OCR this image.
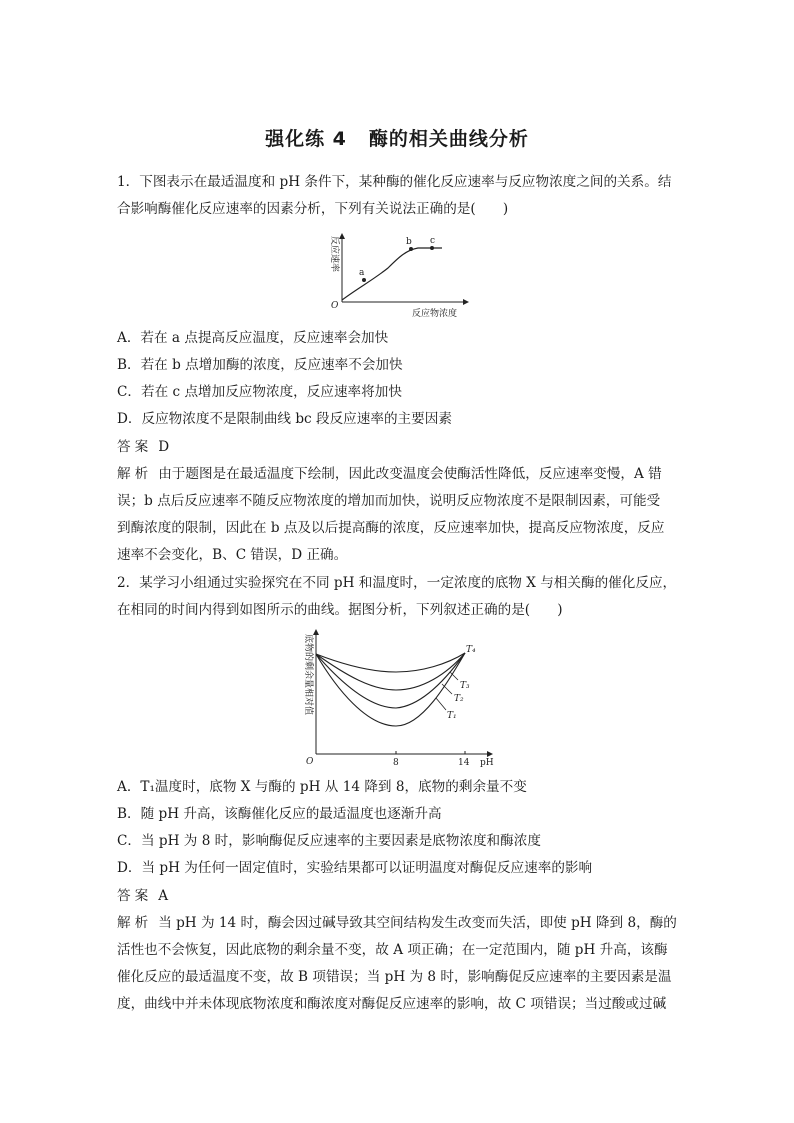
强化练 4 酶的相关曲线分析
1．下图表示在最适温度和 pH 条件下，某种酶的催化反应速率与反应物浓度之间的关系。结
合影响酶催化反应速率的因素分析，下列有关说法正确的是(　　)
a
b c
O
反应速率
反应物浓度
A．若在 a 点提高反应温度，反应速率会加快
B．若在 b 点增加酶的浓度，反应速率不会加快
C．若在 c 点增加反应物浓度，反应速率将加快
D．反应物浓度不是限制曲线 bc 段反应速率的主要因素
答案 D
解析 由于题图是在最适温度下绘制，因此改变温度会使酶活性降低，反应速率变慢，A 错
误；b 点后反应速率不随反应物浓度的增加而加快，说明反应物浓度不是限制因素，可能受
到酶浓度的限制，因此在 b 点及以后提高酶的浓度，反应速率加快，提高反应物浓度，反应
速率不会变化，B、C 错误，D 正确。
2．某学习小组通过实验探究在不同 pH 和温度时，一定浓度的底物 X 与相关酶的催化反应，
在相同的时间内得到如图所示的曲线。据图分析，下列叙述正确的是(　　)
T₄
T₃
T₂
T₁
O	8	14 pH
底物的剩余量相对值
A．T₁温度时，底物 X 与酶的 pH 从 14 降到 8，底物的剩余量不变
B．随 pH 升高，该酶催化反应的最适温度也逐渐升高
C．当 pH 为 8 时，影响酶促反应速率的主要因素是底物浓度和酶浓度
D．当 pH 为任何一固定值时，实验结果都可以证明温度对酶促反应速率的影响
答案 A
解析 当 pH 为 14 时，酶会因过碱导致其空间结构发生改变而失活，即使 pH 降到 8，酶的
活性也不会恢复，因此底物的剩余量不变，故 A 项正确；在一定范围内，随 pH 升高，该酶
催化反应的最适温度不变，故 B 项错误；当 pH 为 8 时，影响酶促反应速率的主要因素是温
度，曲线中并未体现底物浓度和酶浓度对酶促反应速率的影响，故 C 项错误；当过酸或过碱
